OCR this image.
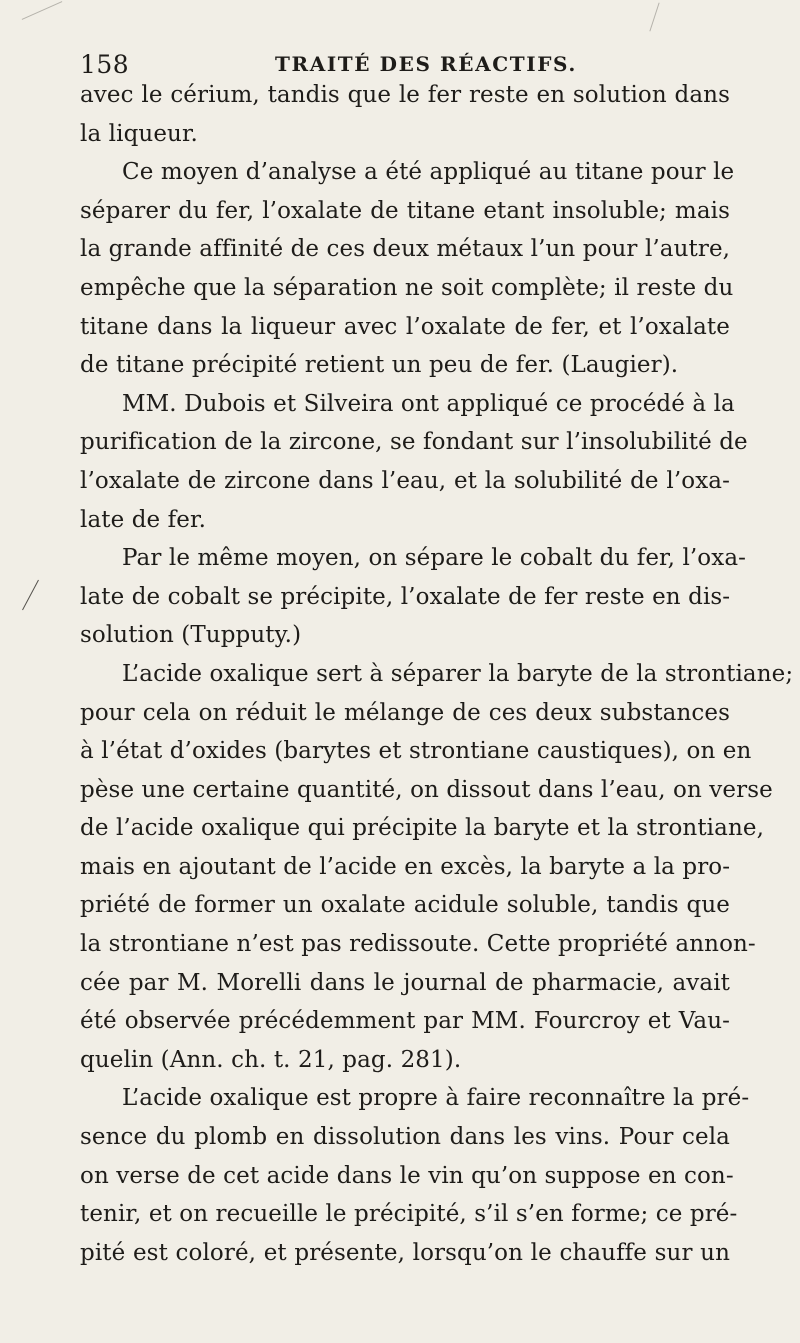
158	TRAITÉ DES RÉACTIFS.
avec le cérium, tandis que le fer reste en solution dans
la liqueur.
Ce moyen d’analyse a été appliqué au titane pour le
séparer du fer, l’oxalate de titane etant insoluble; mais
la grande affinité de ces deux métaux l’un pour l’autre,
empêche que la séparation ne soit complète; il reste du
titane dans la liqueur avec l’oxalate de fer, et l’oxalate
de titane précipité retient un peu de fer. (Laugier).
MM. Dubois et Silveira ont appliqué ce procédé à la
purification de la zircone, se fondant sur l’insolubilité de
l’oxalate de zircone dans l’eau, et la solubilité de l’oxa-
late de fer.
Par le même moyen, on sépare le cobalt du fer, l’oxa-
late de cobalt se précipite, l’oxalate de fer reste en dis-
solution (Tupputy.)
L’acide oxalique sert à séparer la baryte de la strontiane;
pour cela on réduit le mélange de ces deux substances
à l’état d’oxides (barytes et strontiane caustiques), on en
pèse une certaine quantité, on dissout dans l’eau, on verse
de l’acide oxalique qui précipite la baryte et la strontiane,
mais en ajoutant de l’acide en excès, la baryte a la pro-
priété de former un oxalate acidule soluble, tandis que
la strontiane n’est pas redissoute. Cette propriété annon-
cée par M. Morelli dans le journal de pharmacie, avait
été observée précédemment par MM. Fourcroy et Vau-
quelin (Ann. ch. t. 21, pag. 281).
L’acide oxalique est propre à faire reconnaître la pré-
sence du plomb en dissolution dans les vins. Pour cela
on verse de cet acide dans le vin qu’on suppose en con-
tenir, et on recueille le précipité, s’il s’en forme; ce pré-
pité est coloré, et présente, lorsqu’on le chauffe sur un
